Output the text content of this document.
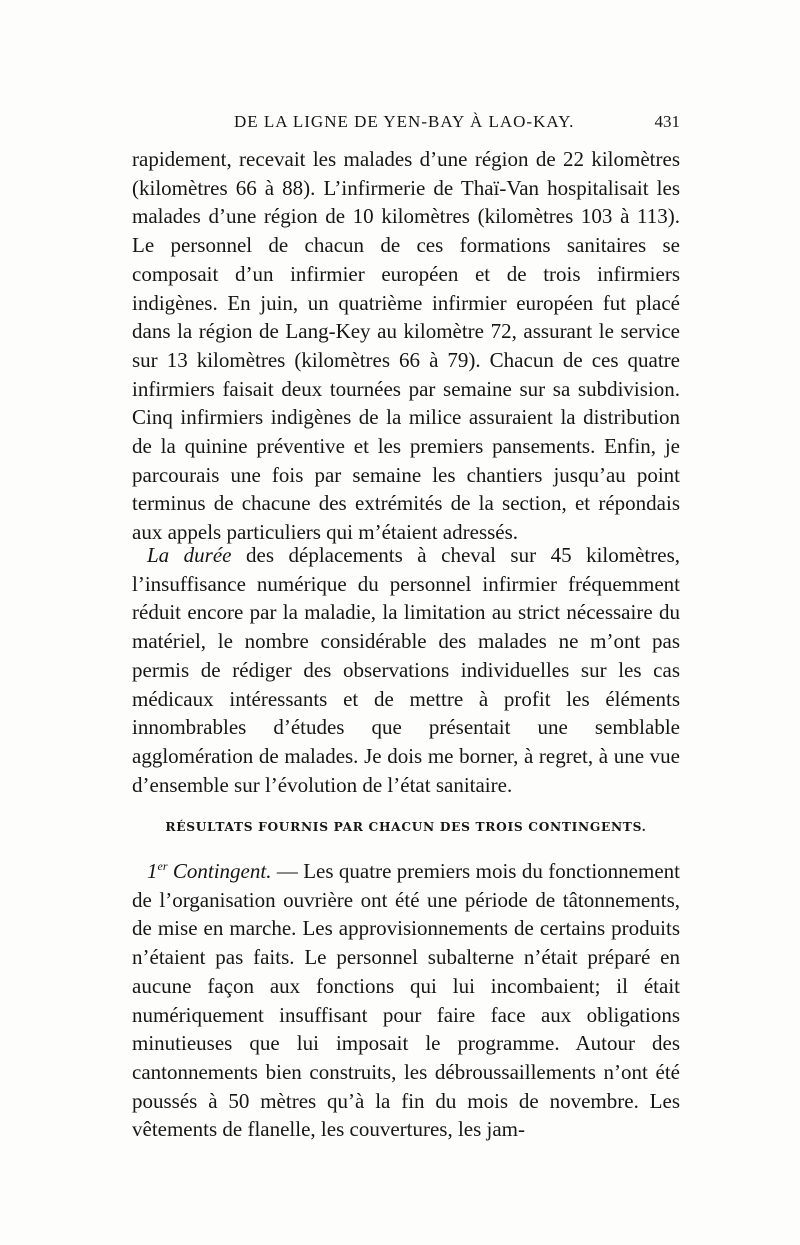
DE LA LIGNE DE YEN-BAY À LAO-KAY.	431
rapidement, recevait les malades d’une région de 22 kilomètres (kilomètres 66 à 88). L’infirmerie de Thaï-Van hospitalisait les malades d’une région de 10 kilomètres (kilomètres 103 à 113). Le personnel de chacun de ces formations sanitaires se composait d’un infirmier européen et de trois infirmiers indigènes. En juin, un quatrième infirmier européen fut placé dans la région de Lang-Key au kilomètre 72, assurant le service sur 13 kilomètres (kilomètres 66 à 79). Chacun de ces quatre infirmiers faisait deux tournées par semaine sur sa subdivision. Cinq infirmiers indigènes de la milice assuraient la distribution de la quinine préventive et les premiers pansements. Enfin, je parcourais une fois par semaine les chantiers jusqu’au point terminus de chacune des extrémités de la section, et répondais aux appels particuliers qui m’étaient adressés.
La durée des déplacements à cheval sur 45 kilomètres, l’insuffisance numérique du personnel infirmier fréquemment réduit encore par la maladie, la limitation au strict nécessaire du matériel, le nombre considérable des malades ne m’ont pas permis de rédiger des observations individuelles sur les cas médicaux intéressants et de mettre à profit les éléments innombrables d’études que présentait une semblable agglomération de malades. Je dois me borner, à regret, à une vue d’ensemble sur l’évolution de l’état sanitaire.
RÉSULTATS FOURNIS PAR CHACUN DES TROIS CONTINGENTS.
1er Contingent. — Les quatre premiers mois du fonctionnement de l’organisation ouvrière ont été une période de tâtonnements, de mise en marche. Les approvisionnements de certains produits n’étaient pas faits. Le personnel subalterne n’était préparé en aucune façon aux fonctions qui lui incombaient; il était numériquement insuffisant pour faire face aux obligations minutieuses que lui imposait le programme. Autour des cantonnements bien construits, les débroussaillements n’ont été poussés à 50 mètres qu’à la fin du mois de novembre. Les vêtements de flanelle, les couvertures, les jam-
